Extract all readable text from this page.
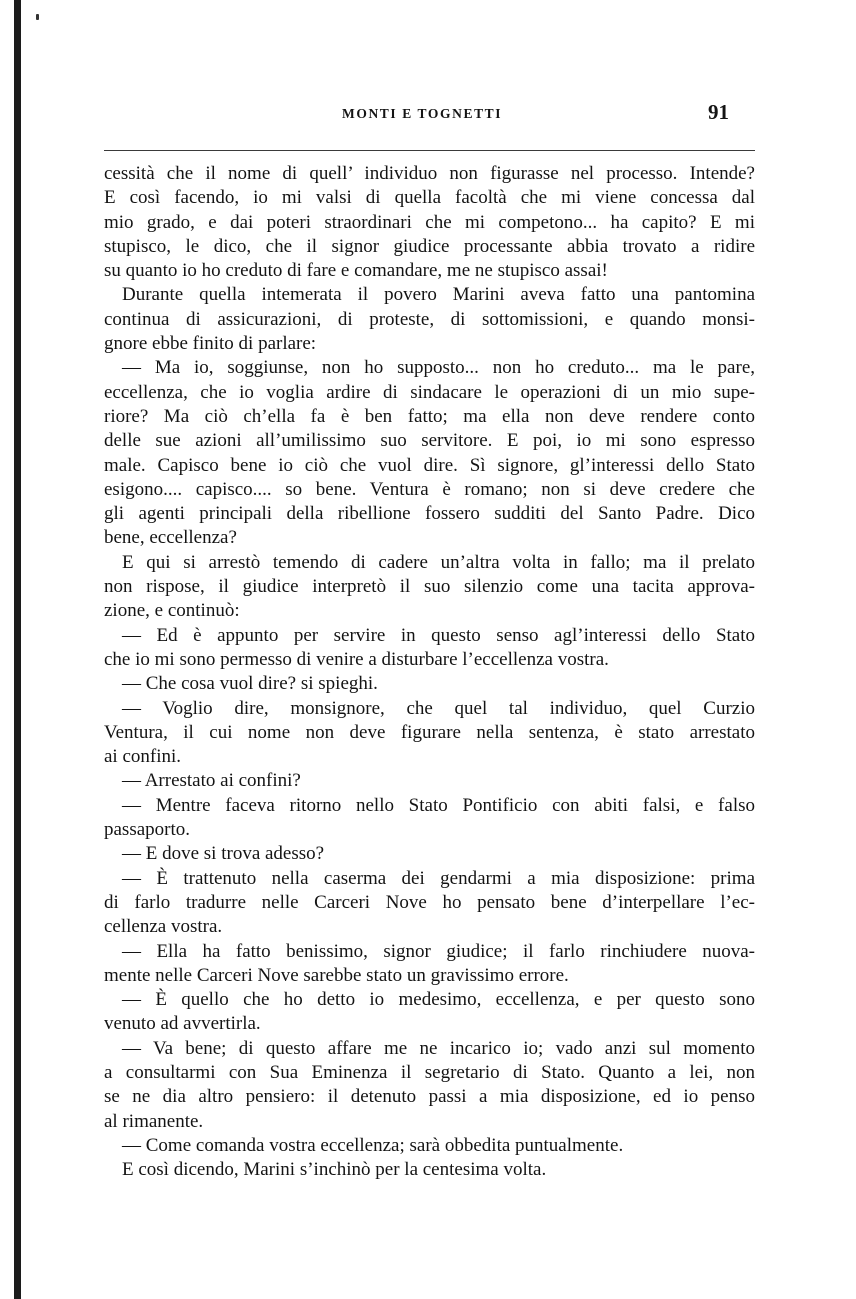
MONTI E TOGNETTI	91

cessità che il nome di quell’ individuo non figurasse nel processo. Intende?

E così facendo, io mi valsi di quella facoltà che mi viene concessa dal

mio grado, e dai poteri straordinari che mi competono... ha capito? E mi

stupisco, le dico, che il signor giudice processante abbia trovato a ridire

su quanto io ho creduto di fare e comandare, me ne stupisco assai!

Durante quella intemerata il povero Marini aveva fatto una pantomina

continua di assicurazioni, di proteste, di sottomissioni, e quando monsi-

gnore ebbe finito di parlare:

— Ma io, soggiunse, non ho supposto... non ho creduto... ma le pare,

eccellenza, che io voglia ardire di sindacare le operazioni di un mio supe-

riore? Ma ciò ch’ella fa è ben fatto; ma ella non deve rendere conto

delle sue azioni all’umilissimo suo servitore. E poi, io mi sono espresso

male. Capisco bene io ciò che vuol dire. Sì signore, gl’interessi dello Stato

esigono.... capisco.... so bene. Ventura è romano; non si deve credere che

gli agenti principali della ribellione fossero sudditi del Santo Padre. Dico

bene, eccellenza?

E qui si arrestò temendo di cadere un’altra volta in fallo; ma il prelato

non rispose, il giudice interpretò il suo silenzio come una tacita approva-

zione, e continuò:

— Ed è appunto per servire in questo senso agl’interessi dello Stato

che io mi sono permesso di venire a disturbare l’eccellenza vostra.

— Che cosa vuol dire? si spieghi.

— Voglio dire, monsignore, che quel tal individuo, quel Curzio

Ventura, il cui nome non deve figurare nella sentenza, è stato arrestato

ai confini.

— Arrestato ai confini?

— Mentre faceva ritorno nello Stato Pontificio con abiti falsi, e falso

passaporto.

— E dove si trova adesso?

— È trattenuto nella caserma dei gendarmi a mia disposizione: prima

di farlo tradurre nelle Carceri Nove ho pensato bene d’interpellare l’ec-

cellenza vostra.

— Ella ha fatto benissimo, signor giudice; il farlo rinchiudere nuova-

mente nelle Carceri Nove sarebbe stato un gravissimo errore.

— È quello che ho detto io medesimo, eccellenza, e per questo sono

venuto ad avvertirla.

— Va bene; di questo affare me ne incarico io; vado anzi sul momento

a consultarmi con Sua Eminenza il segretario di Stato. Quanto a lei, non

se ne dia altro pensiero: il detenuto passi a mia disposizione, ed io penso

al rimanente.

— Come comanda vostra eccellenza; sarà obbedita puntualmente.

E così dicendo, Marini s’inchinò per la centesima volta.
